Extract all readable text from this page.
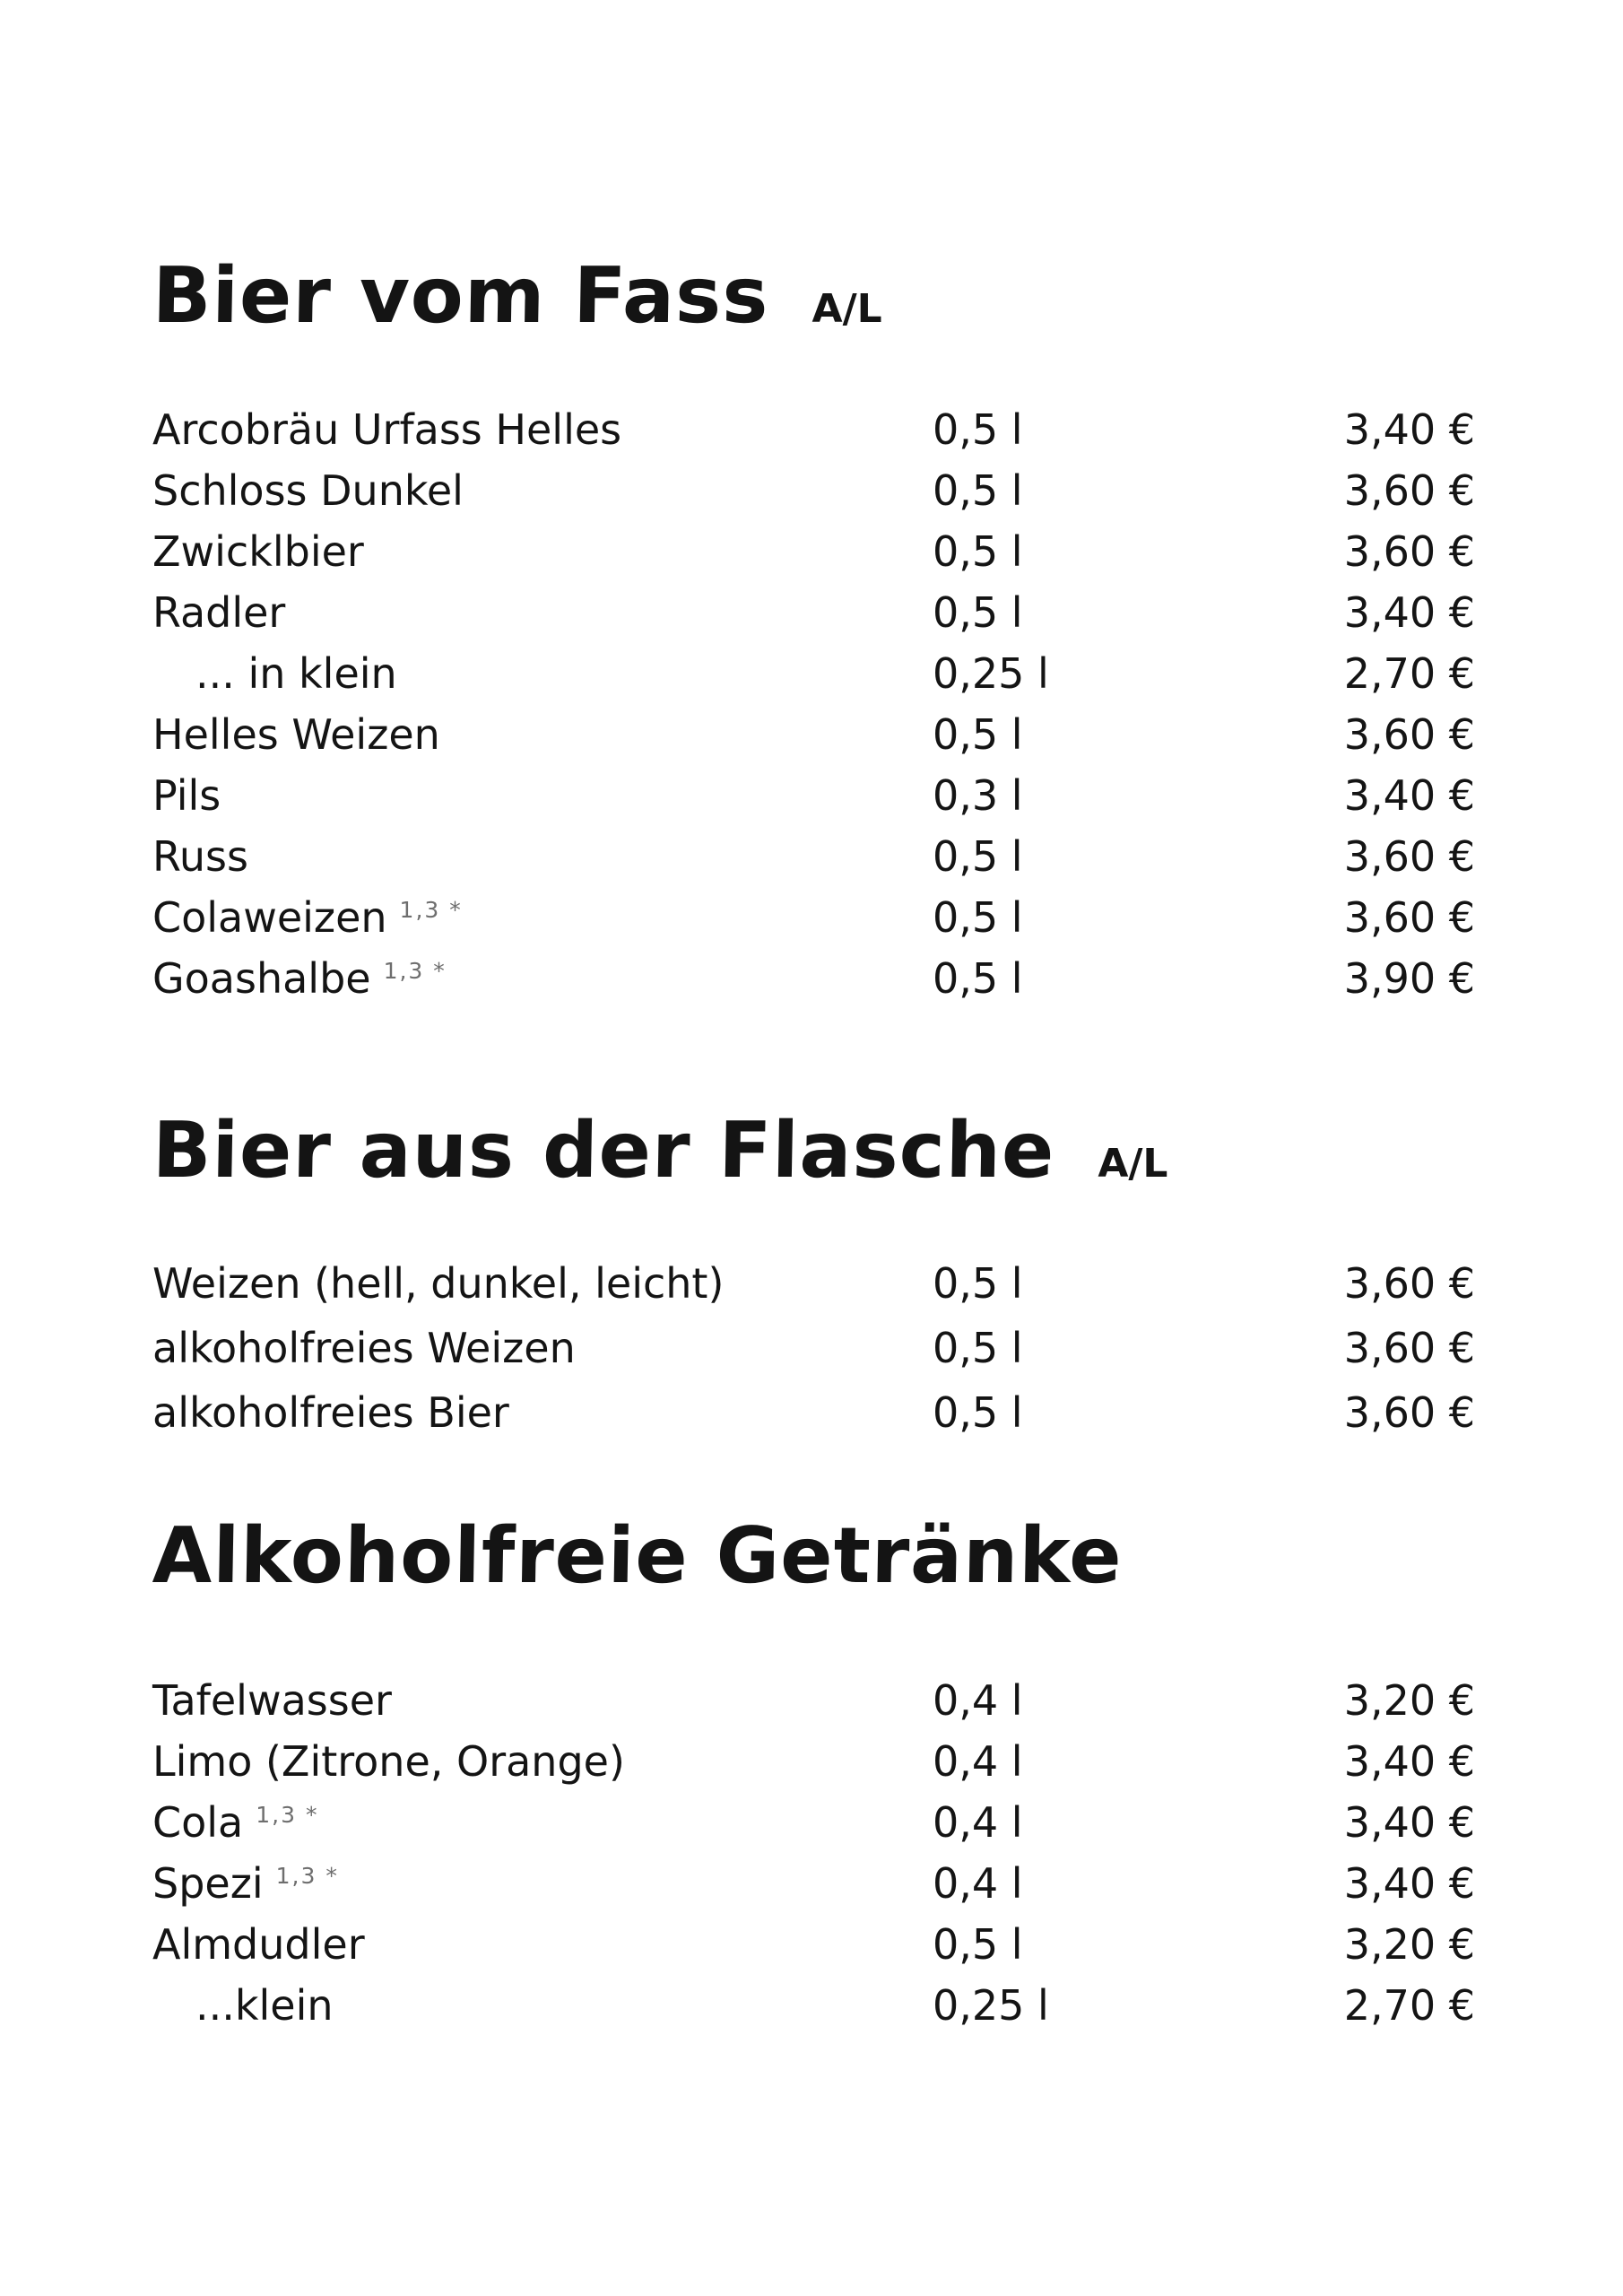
Bier vom Fass A/L
Arcobräu Urfass Helles	0,5 l	3,40 €
Schloss Dunkel	0,5 l	3,60 €
Zwicklbier	0,5 l	3,60 €
Radler	0,5 l	3,40 €
... in klein	0,25 l	2,70 €
Helles Weizen	0,5 l	3,60 €
Pils	0,3 l	3,40 €
Russ	0,5 l	3,60 €
Colaweizen $^{1,3 *}$	0,5 l	3,60 €
Goashalbe $^{1,3 *}$	0,5 l	3,90 €
Bier aus der Flasche A/L
Weizen (hell, dunkel, leicht)	0,5 l	3,60 €
alkoholfreies Weizen	0,5 l	3,60 €
alkoholfreies Bier	0,5 l	3,60 €
Alkoholfreie Getränke
Tafelwasser	0,4 l	3,20 €
Limo (Zitrone, Orange)	0,4 l	3,40 €
Cola $^{1,3 *}$	0,4 l	3,40 €
Spezi $^{1,3 *}$	0,4 l	3,40 €
Almdudler	0,5 l	3,20 €
...klein	0,25 l	2,70 €
